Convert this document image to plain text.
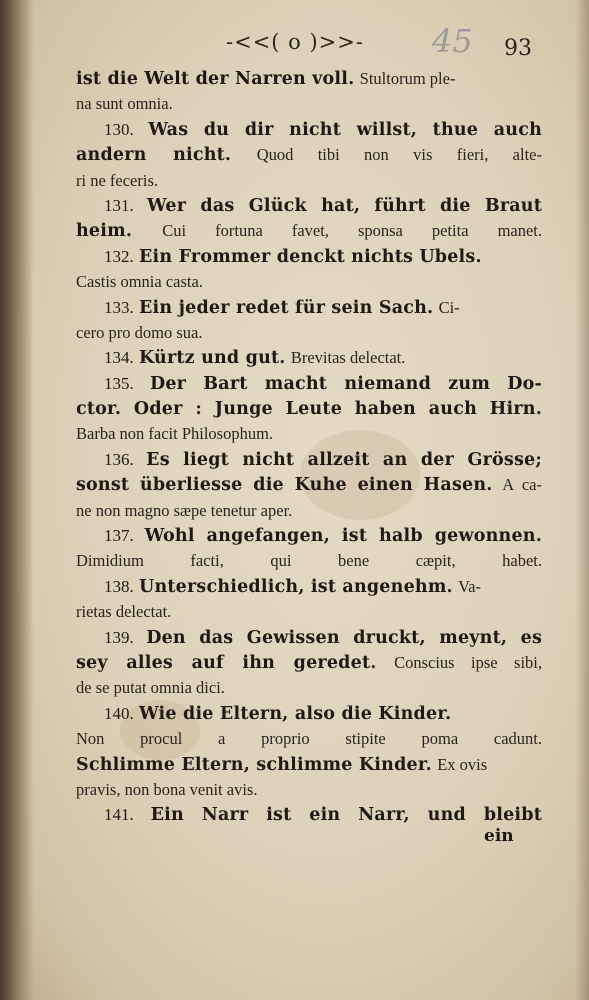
-<<( o )>>-	45 93
ist die Welt der Narren voll. Stultorum ple-
na sunt omnia.
130. Was du dir nicht willst, thue auch
andern nicht. Quod tibi non vis fieri, alte-
ri ne feceris.
131. Wer das Glück hat, führt die Braut
heim. Cui fortuna favet, sponsa petita manet.
132. Ein Frommer denckt nichts Ubels.
Castis omnia casta.
133. Ein jeder redet für sein Sach. Ci-
cero pro domo sua.
134. Kürtz und gut. Brevitas delectat.
135. Der Bart macht niemand zum Do-
ctor. Oder : Junge Leute haben auch Hirn.
Barba non facit Philosophum.
136. Es liegt nicht allzeit an der Grösse;
sonst überliesse die Kuhe einen Hasen. A ca-
ne non magno sæpe tenetur aper.
137. Wohl angefangen, ist halb gewonnen.
Dimidium facti, qui bene cæpit, habet.
138. Unterschiedlich, ist angenehm. Va-
rietas delectat.
139. Den das Gewissen druckt, meynt, es
sey alles auf ihn geredet. Conscius ipse sibi,
de se putat omnia dici.
140. Wie die Eltern, also die Kinder.
Non procul a proprio stipite poma cadunt.
Schlimme Eltern, schlimme Kinder. Ex ovis
pravis, non bona venit avis.
141. Ein Narr ist ein Narr, und bleibt
ein
